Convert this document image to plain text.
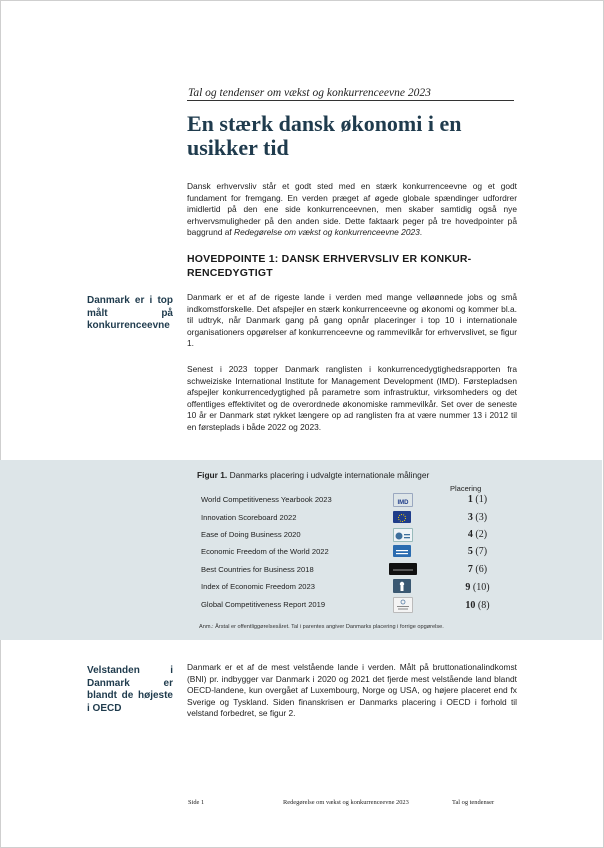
Tal og tendenser om vækst og konkurrenceevne 2023
En stærk dansk økonomi i en
usikker tid
Dansk erhvervsliv står et godt sted med en stærk konkurrenceevne og et godt fundament for fremgang. En verden præget af øgede globale spændinger udfordrer imidlertid på den ene side konkurrenceevnen, men skaber samtidig også nye erhvervsmuligheder på den anden side. Dette faktaark peger på tre hovedpointer på baggrund af Redegørelse om vækst og konkurrenceevne 2023.
HOVEDPOINTE 1: DANSK ERHVERVSLIV ER KONKUR-
RENCEDYGTIGT
Danmark er i top målt på konkurrenceevne
Danmark er et af de rigeste lande i verden med mange velløønnede jobs og små indkomstforskelle. Det afspejler en stærk konkurrenceevne og økonomi og kommer bl.a. til udtryk, når Danmark gang på gang opnår placeringer i top 10 i internationale organisationers opgørelser af konkurrenceevne og rammevilkår for erhvervslivet, se figur 1.
Senest i 2023 topper Danmark ranglisten i konkurrencedygtighedsrapporten fra schweiziske International Institute for Management Development (IMD). Førstepladsen afspejler konkurrencedygtighed på parametre som infrastruktur, virksomheders og det offentliges effektivitet og de overordnede økonomiske rammevilkår. Set over de seneste 10 år er Danmark støt rykket længere op ad ranglisten fra at være nummer 13 i 2012 til en førsteplads i både 2022 og 2023.
Figur 1. Danmarks placering i udvalgte internationale målinger
Placering
World Competitiveness Yearbook 2023	IMD	1 (1)
Innovation Scoreboard 2022	3 (3)
Ease of Doing Business 2020	4 (2)
Economic Freedom of the World 2022	5 (7)
Best Countries for Business 2018	7 (6)
Index of Economic Freedom 2023	9 (10)
Global Competitiveness Report 2019	10 (8)
Anm.: Årstal er offentliggørelsesåret. Tal i parentes angiver Danmarks placering i forrige opgørelse.
Velstanden i Danmark er blandt de højeste i OECD
Danmark er et af de mest velstående lande i verden. Målt på bruttonationalindkomst (BNI) pr. indbygger var Danmark i 2020 og 2021 det fjerde mest velstående land blandt OECD-landene, kun overgået af Luxembourg, Norge og USA, og højere placeret end fx Sverige og Tyskland. Siden finanskrisen er Danmarks placering i OECD i forhold til velstand forbedret, se figur 2.
Side 1	Redegørelse om vækst og konkurrenceevne 2023	Tal og tendenser
